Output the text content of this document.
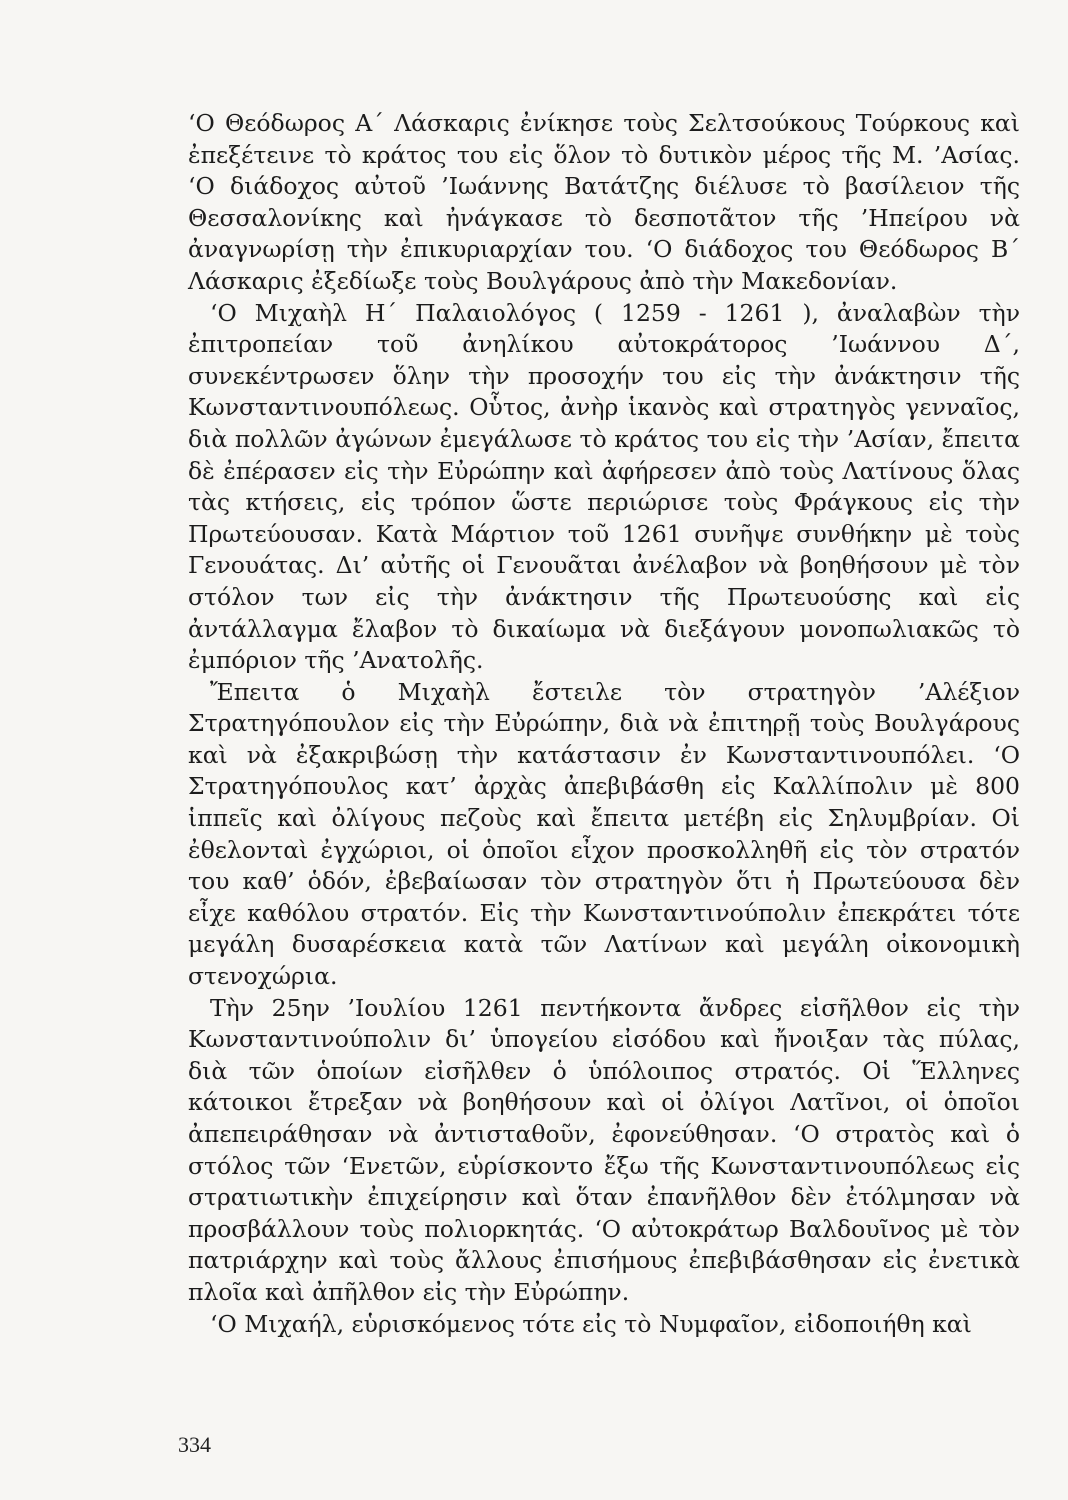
‘Ο Θεόδωρος Α΄ Λάσκαρις ἐνίκησε τοὺς Σελτσούκους Τούρκους καὶ ἐπεξέτεινε τὸ κράτος του εἰς ὅλον τὸ δυτικὸν μέρος τῆς Μ. ’Ασίας. ‘Ο διάδοχος αὐτοῦ ’Ιωάννης Βατάτζης διέλυσε τὸ βασίλειον τῆς Θεσσαλονίκης καὶ ἠνάγκασε τὸ δεσποτᾶτον τῆς ’Ηπείρου νὰ ἀναγνωρίσῃ τὴν ἐπικυριαρχίαν του. ‘Ο διάδοχος του Θεόδωρος Β΄ Λάσκαρις ἐξεδίωξε τοὺς Βουλγάρους ἀπὸ τὴν Μακεδονίαν.

‘Ο Μιχαὴλ Η΄ Παλαιολόγος ( 1259 - 1261 ), ἀναλαβὼν τὴν ἐπιτροπείαν τοῦ ἀνηλίκου αὐτοκράτορος ’Ιωάννου Δ΄, συνεκέντρωσεν ὅλην τὴν προσοχήν του εἰς τὴν ἀνάκτησιν τῆς Κωνσταντινουπόλεως. Οὗτος, ἀνὴρ ἱκανὸς καὶ στρατηγὸς γενναῖος, διὰ πολλῶν ἀγώνων ἐμεγάλωσε τὸ κράτος του εἰς τὴν ’Ασίαν, ἔπειτα δὲ ἐπέρασεν εἰς τὴν Εὐρώπην καὶ ἀφήρεσεν ἀπὸ τοὺς Λατίνους ὅλας τὰς κτήσεις, εἰς τρόπον ὥστε περιώρισε τοὺς Φράγκους εἰς τὴν Πρωτεύουσαν. Κατὰ Μάρτιον τοῦ 1261 συνῆψε συνθήκην μὲ τοὺς Γενουάτας. Δι’ αὐτῆς οἱ Γενουᾶται ἀνέλαβον νὰ βοηθήσουν μὲ τὸν στόλον των εἰς τὴν ἀνάκτησιν τῆς Πρωτευούσης καὶ εἰς ἀντάλλαγμα ἔλαβον τὸ δικαίωμα νὰ διεξάγουν μονοπωλιακῶς τὸ ἐμπόριον τῆς ’Ανατολῆς.

Ἔπειτα ὁ Μιχαὴλ ἔστειλε τὸν στρατηγὸν ’Αλέξιον Στρατηγόπουλον εἰς τὴν Εὐρώπην, διὰ νὰ ἐπιτηρῇ τοὺς Βουλγάρους καὶ νὰ ἐξακριβώσῃ τὴν κατάστασιν ἐν Κωνσταντινουπόλει. ‘Ο Στρατηγόπουλος κατ’ ἀρχὰς ἀπεβιβάσθη εἰς Καλλίπολιν μὲ 800 ἱππεῖς καὶ ὀλίγους πεζοὺς καὶ ἔπειτα μετέβη εἰς Σηλυμβρίαν. Οἱ ἐθελονταὶ ἐγχώριοι, οἱ ὁποῖοι εἶχον προσκολληθῆ εἰς τὸν στρατόν του καθ’ ὁδόν, ἐβεβαίωσαν τὸν στρατηγὸν ὅτι ἡ Πρωτεύουσα δὲν εἶχε καθόλου στρατόν. Εἰς τὴν Κωνσταντινούπολιν ἐπεκράτει τότε μεγάλη δυσαρέσκεια κατὰ τῶν Λατίνων καὶ μεγάλη οἰκονομικὴ στενοχώρια.

Τὴν 25ην ’Ιουλίου 1261 πεντήκοντα ἄνδρες εἰσῆλθον εἰς τὴν Κωνσταντινούπολιν δι’ ὑπογείου εἰσόδου καὶ ἤνοιξαν τὰς πύλας, διὰ τῶν ὁποίων εἰσῆλθεν ὁ ὑπόλοιπος στρατός. Οἱ Ἕλληνες κάτοικοι ἔτρεξαν νὰ βοηθήσουν καὶ οἱ ὀλίγοι Λατῖνοι, οἱ ὁποῖοι ἀπεπειράθησαν νὰ ἀντισταθοῦν, ἐφονεύθησαν. ‘Ο στρατὸς καὶ ὁ στόλος τῶν ‘Ενετῶν, εὑρίσκοντο ἔξω τῆς Κωνσταντινουπόλεως εἰς στρατιωτικὴν ἐπιχείρησιν καὶ ὅταν ἐπανῆλθον δὲν ἐτόλμησαν νὰ προσβάλλουν τοὺς πολιορκητάς. ‘Ο αὐτοκράτωρ Βαλδουῖνος μὲ τὸν πατριάρχην καὶ τοὺς ἄλλους ἐπισήμους ἐπεβιβάσθησαν εἰς ἐνετικὰ πλοῖα καὶ ἀπῆλθον εἰς τὴν Εὐρώπην.

‘Ο Μιχαήλ, εὑρισκόμενος τότε εἰς τὸ Νυμφαῖον, εἰδοποιήθη καὶ

334
